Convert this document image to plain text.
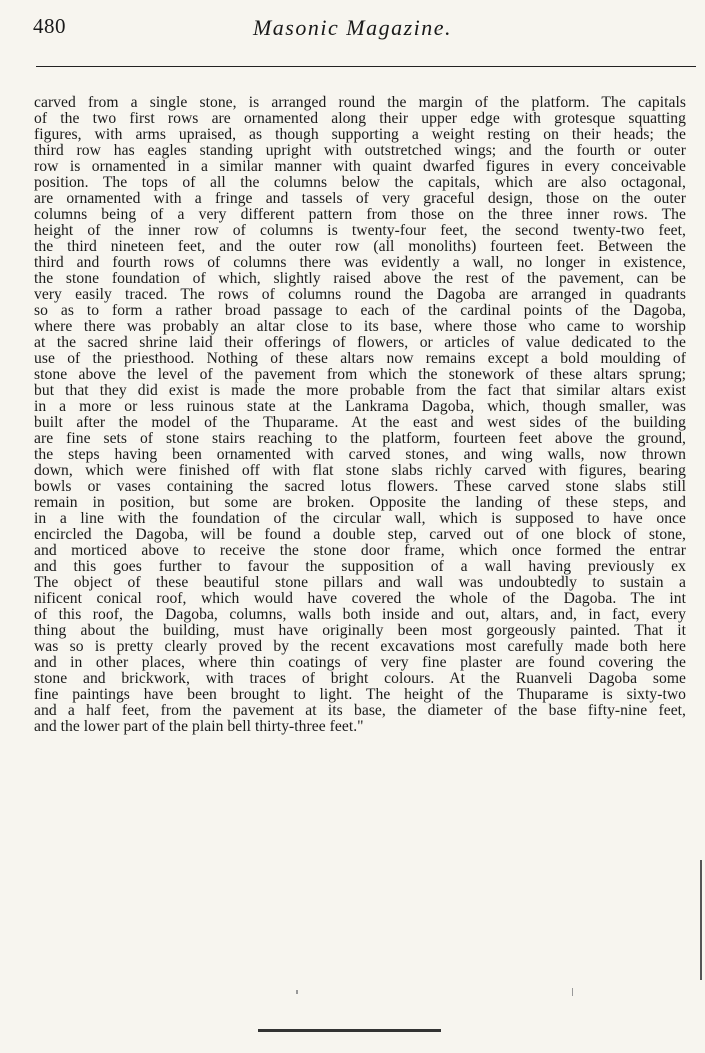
480	Masonic Magazine.
carved from a single stone, is arranged round the margin of the platform. The capitals
of the two first rows are ornamented along their upper edge with grotesque squatting
figures, with arms upraised, as though supporting a weight resting on their heads; the
third row has eagles standing upright with outstretched wings; and the fourth or outer
row is ornamented in a similar manner with quaint dwarfed figures in every conceivable
position. The tops of all the columns below the capitals, which are also octagonal,
are ornamented with a fringe and tassels of very graceful design, those on the outer
columns being of a very different pattern from those on the three inner rows. The
height of the inner row of columns is twenty-four feet, the second twenty-two feet,
the third nineteen feet, and the outer row (all monoliths) fourteen feet. Between the
third and fourth rows of columns there was evidently a wall, no longer in existence,
the stone foundation of which, slightly raised above the rest of the pavement, can be
very easily traced. The rows of columns round the Dagoba are arranged in quadrants
so as to form a rather broad passage to each of the cardinal points of the Dagoba,
where there was probably an altar close to its base, where those who came to worship
at the sacred shrine laid their offerings of flowers, or articles of value dedicated to the
use of the priesthood. Nothing of these altars now remains except a bold moulding of
stone above the level of the pavement from which the stonework of these altars sprung;
but that they did exist is made the more probable from the fact that similar altars exist
in a more or less ruinous state at the Lankrama Dagoba, which, though smaller, was
built after the model of the Thuparame. At the east and west sides of the building
are fine sets of stone stairs reaching to the platform, fourteen feet above the ground,
the steps having been ornamented with carved stones, and wing walls, now thrown
down, which were finished off with flat stone slabs richly carved with figures, bearing
bowls or vases containing the sacred lotus flowers. These carved stone slabs still
remain in position, but some are broken. Opposite the landing of these steps, and
in a line with the foundation of the circular wall, which is supposed to have once
encircled the Dagoba, will be found a double step, carved out of one block of stone,
and morticed above to receive the stone door frame, which once formed the entrar
and this goes further to favour the supposition of a wall having previously ex
The object of these beautiful stone pillars and wall was undoubtedly to sustain a
nificent conical roof, which would have covered the whole of the Dagoba. The int
of this roof, the Dagoba, columns, walls both inside and out, altars, and, in fact, every
thing about the building, must have originally been most gorgeously painted. That it
was so is pretty clearly proved by the recent excavations most carefully made both here
and in other places, where thin coatings of very fine plaster are found covering the
stone and brickwork, with traces of bright colours. At the Ruanveli Dagoba some
fine paintings have been brought to light. The height of the Thuparame is sixty-two
and a half feet, from the pavement at its base, the diameter of the base fifty-nine feet,
and the lower part of the plain bell thirty-three feet."
